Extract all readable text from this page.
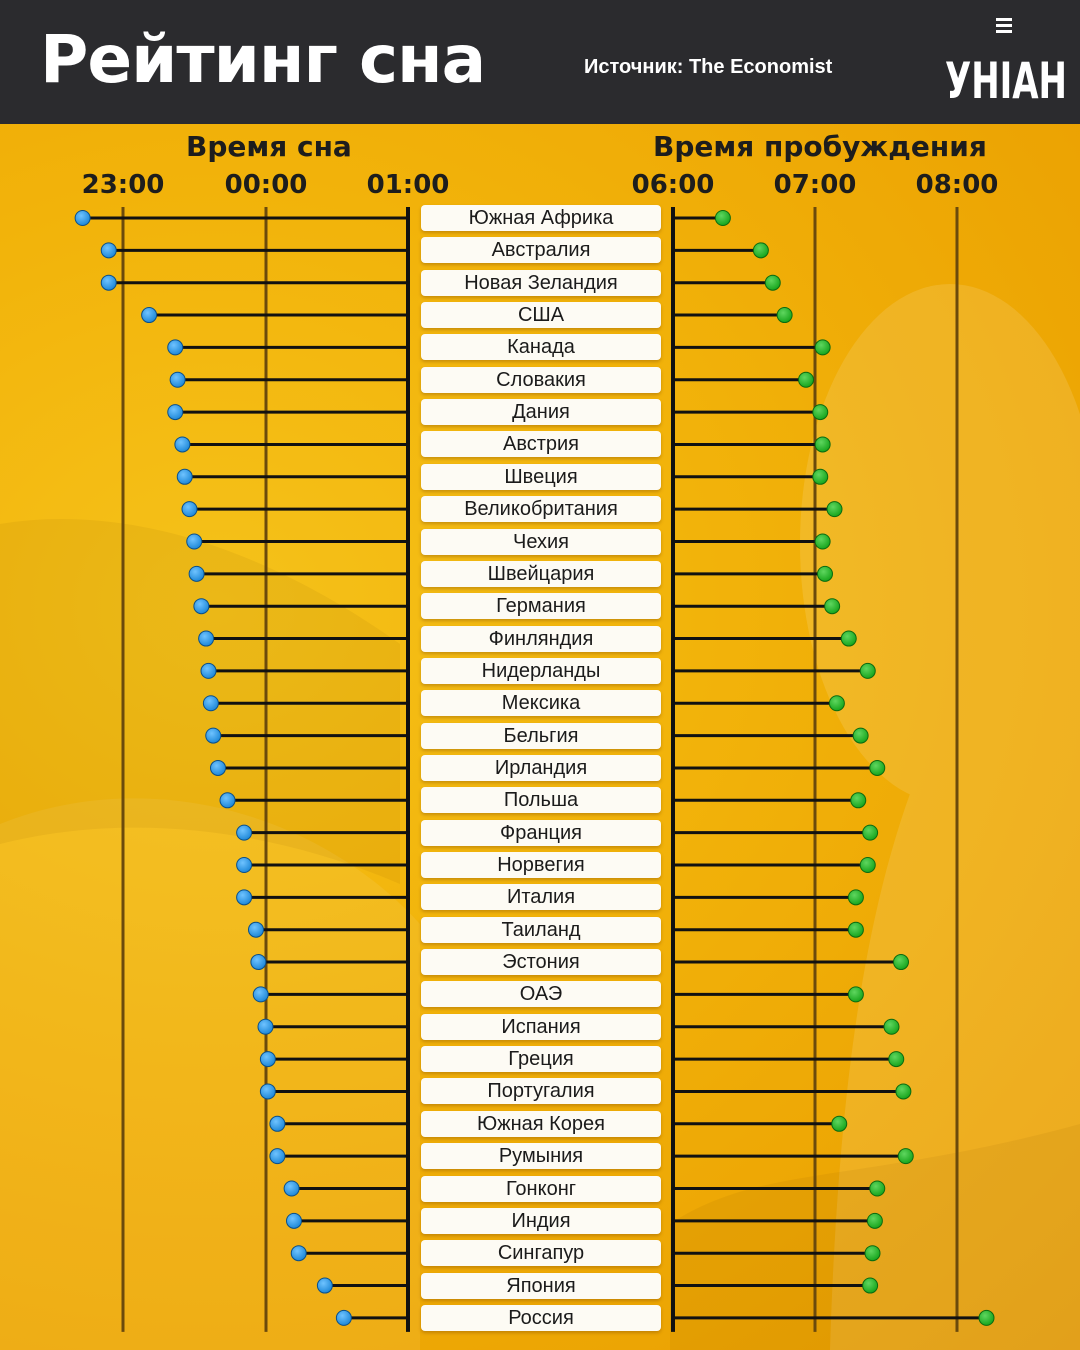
Рейтинг сна	Источник: The Economist УНІАН
Время сна	Время пробуждения
23:00 00:00 01:00	06:00 07:00 08:00
Южная Африка
Австралия
Новая Зеландия
США
Канада
Словакия
Дания
Австрия
Швеция
Великобритания
Чехия
Швейцария
Германия
Финляндия
Нидерланды
Мексика
Бельгия
Ирландия
Польша
Франция
Норвегия
Италия
Таиланд
Эстония
ОАЭ
Испания
Греция
Португалия
Южная Корея
Румыния
Гонконг
Индия
Сингапур
Япония
Россия
